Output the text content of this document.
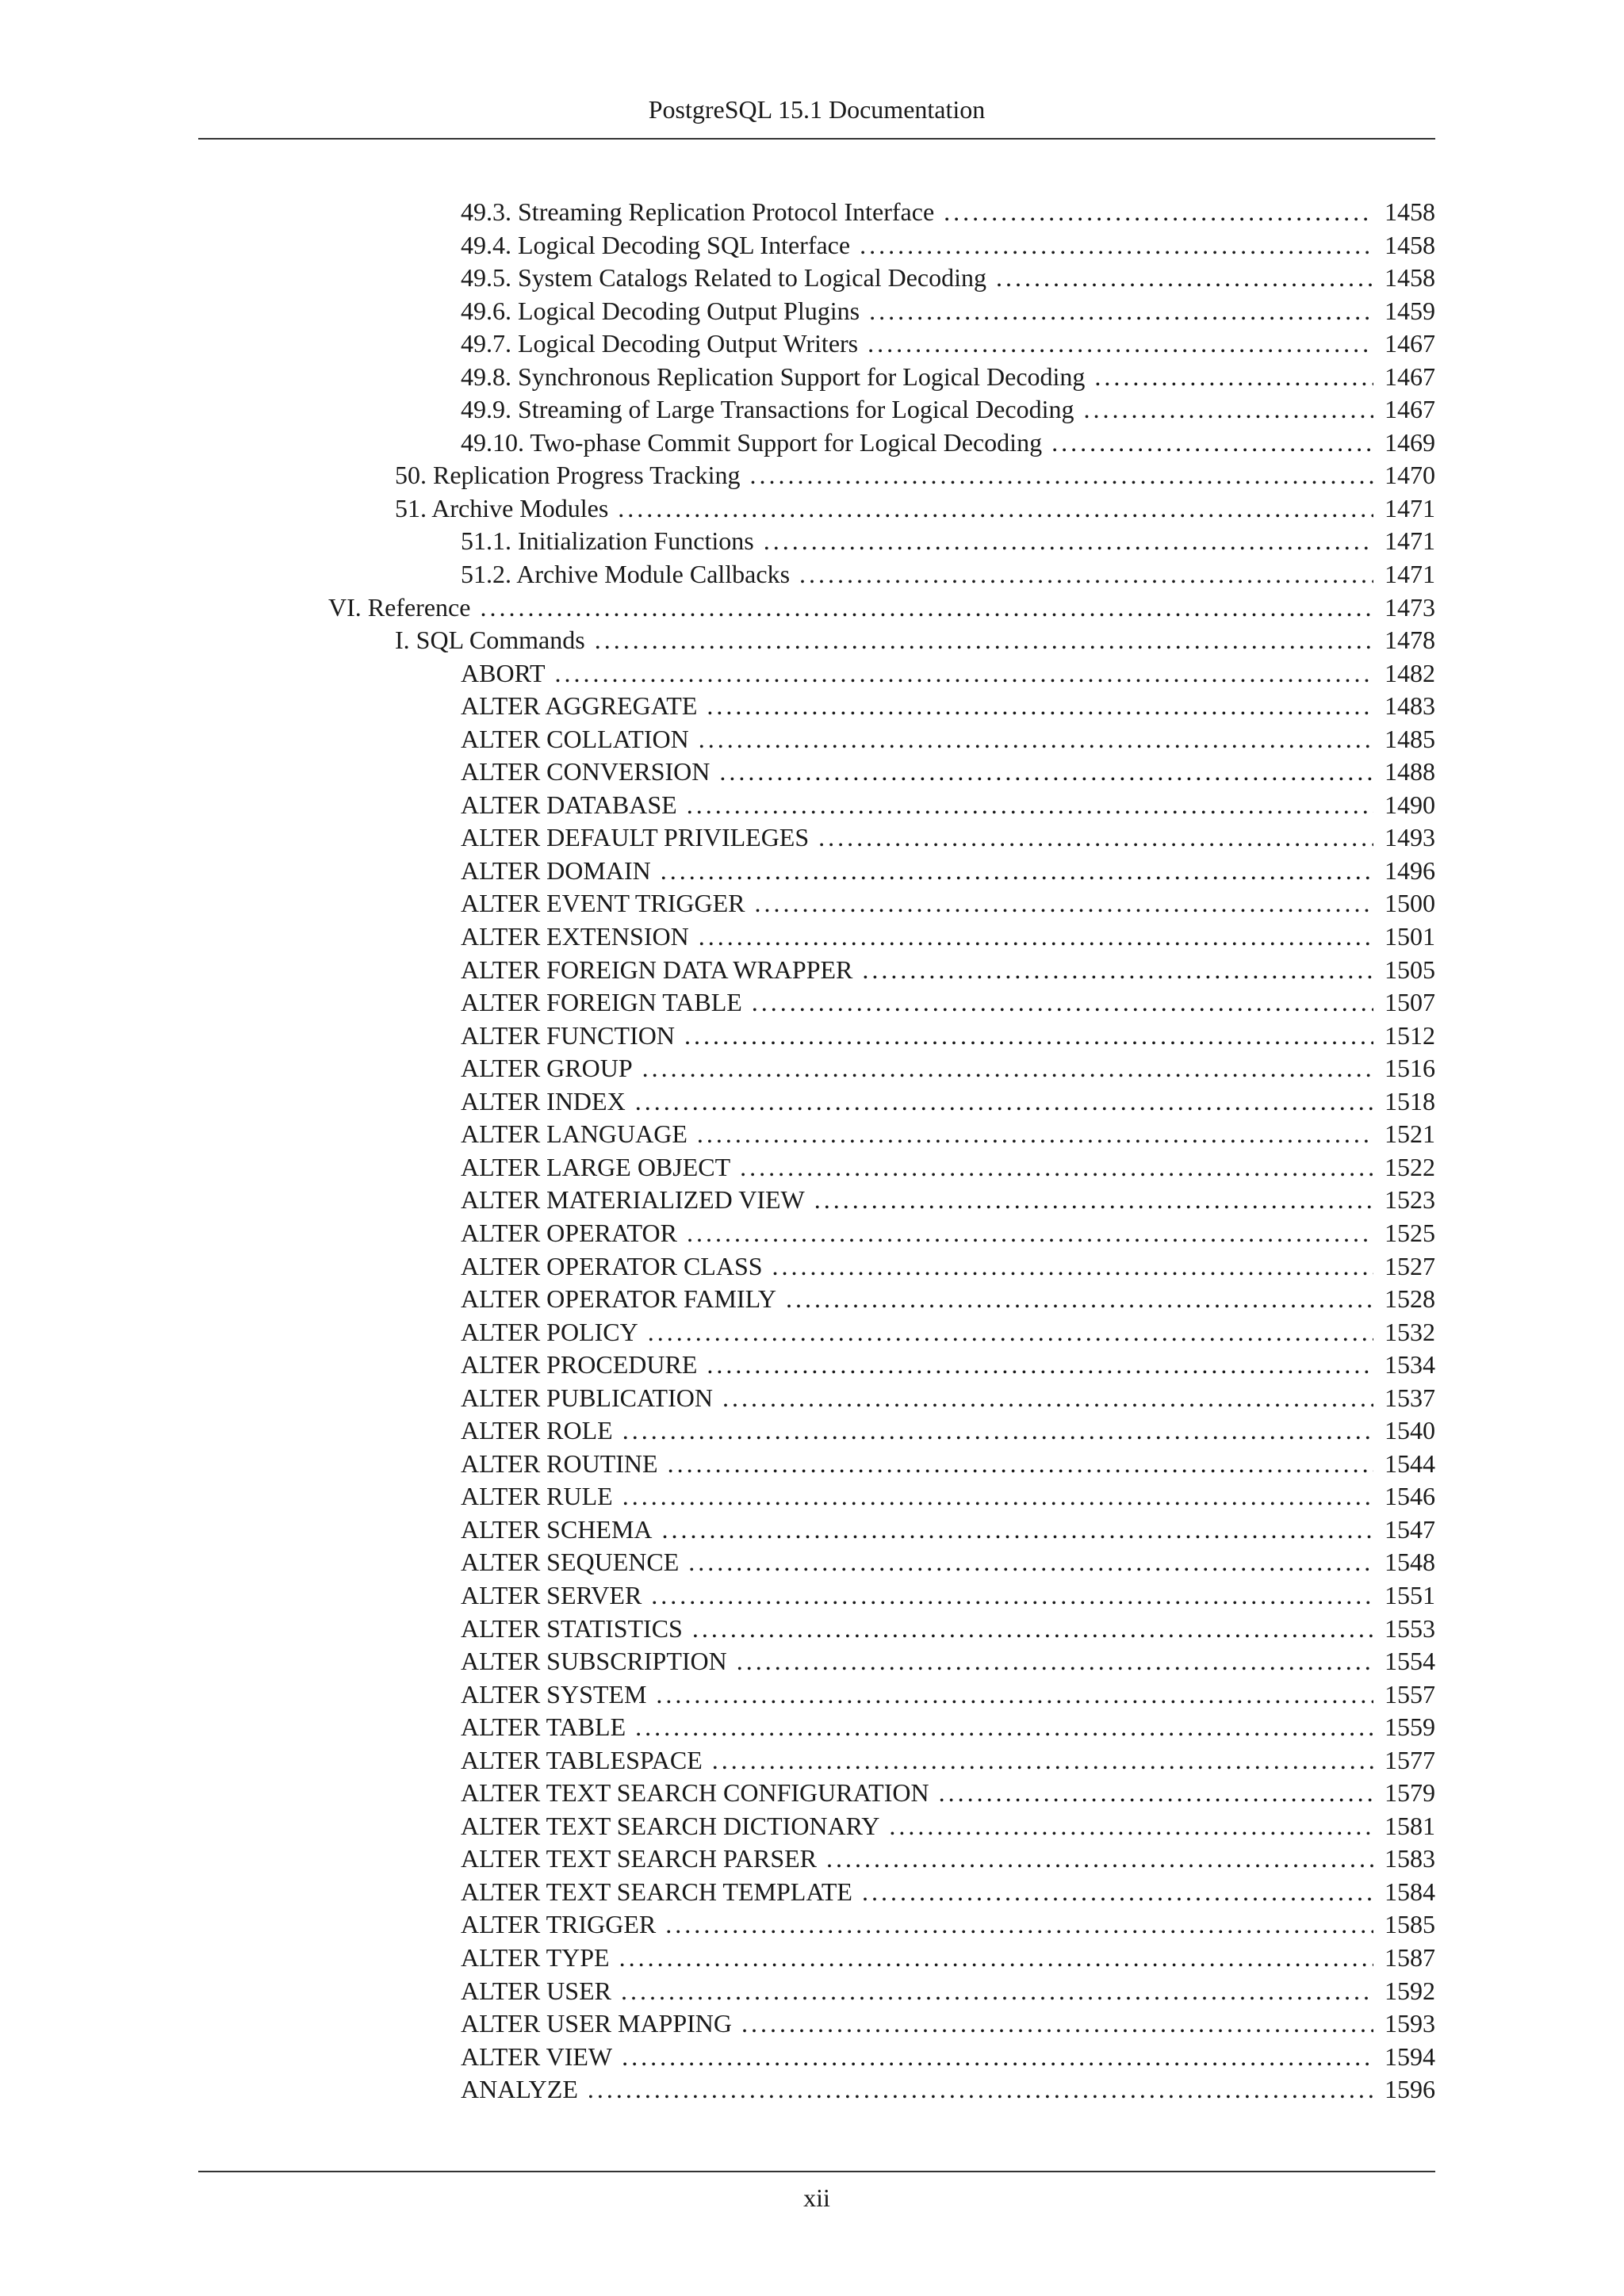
PostgreSQL 15.1 Documentation
49.3. Streaming Replication Protocol Interface .....	1458
49.4. Logical Decoding SQL Interface .....	1458
49.5. System Catalogs Related to Logical Decoding .....	1458
49.6. Logical Decoding Output Plugins .....	1459
49.7. Logical Decoding Output Writers .....	1467
49.8. Synchronous Replication Support for Logical Decoding .....	1467
49.9. Streaming of Large Transactions for Logical Decoding .....	1467
49.10. Two-phase Commit Support for Logical Decoding .....	1469
50. Replication Progress Tracking .....	1470
51. Archive Modules .....	1471
51.1. Initialization Functions .....	1471
51.2. Archive Module Callbacks .....	1471
VI. Reference .....	1473
I. SQL Commands .....	1478
ABORT .....	1482
ALTER AGGREGATE .....	1483
ALTER COLLATION .....	1485
ALTER CONVERSION .....	1488
ALTER DATABASE .....	1490
ALTER DEFAULT PRIVILEGES .....	1493
ALTER DOMAIN .....	1496
ALTER EVENT TRIGGER .....	1500
ALTER EXTENSION .....	1501
ALTER FOREIGN DATA WRAPPER .....	1505
ALTER FOREIGN TABLE .....	1507
ALTER FUNCTION .....	1512
ALTER GROUP .....	1516
ALTER INDEX .....	1518
ALTER LANGUAGE .....	1521
ALTER LARGE OBJECT .....	1522
ALTER MATERIALIZED VIEW .....	1523
ALTER OPERATOR .....	1525
ALTER OPERATOR CLASS .....	1527
ALTER OPERATOR FAMILY .....	1528
ALTER POLICY .....	1532
ALTER PROCEDURE .....	1534
ALTER PUBLICATION .....	1537
ALTER ROLE .....	1540
ALTER ROUTINE .....	1544
ALTER RULE .....	1546
ALTER SCHEMA .....	1547
ALTER SEQUENCE .....	1548
ALTER SERVER .....	1551
ALTER STATISTICS .....	1553
ALTER SUBSCRIPTION .....	1554
ALTER SYSTEM .....	1557
ALTER TABLE .....	1559
ALTER TABLESPACE .....	1577
ALTER TEXT SEARCH CONFIGURATION .....	1579
ALTER TEXT SEARCH DICTIONARY .....	1581
ALTER TEXT SEARCH PARSER .....	1583
ALTER TEXT SEARCH TEMPLATE .....	1584
ALTER TRIGGER .....	1585
ALTER TYPE .....	1587
ALTER USER .....	1592
ALTER USER MAPPING .....	1593
ALTER VIEW .....	1594
ANALYZE .....	1596
xii
